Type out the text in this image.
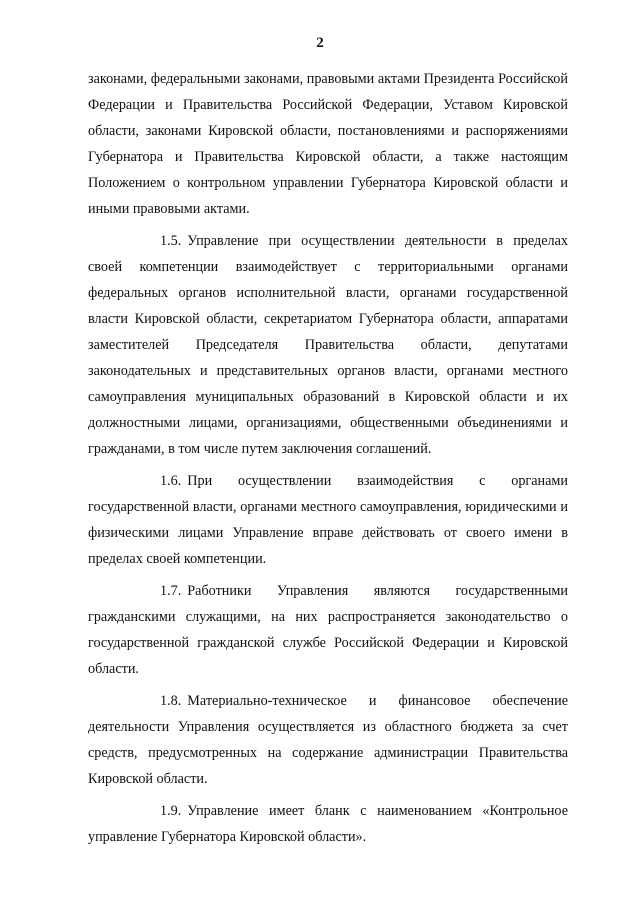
2

законами, федеральными законами, правовыми актами Президента Российской Федерации и Правительства Российской Федерации, Уставом Кировской области, законами Кировской области, постановлениями и распоряжениями Губернатора и Правительства Кировской области, а также настоящим Положением о контрольном управлении Губернатора Кировской области и иными правовыми актами.

1.5. Управление при осуществлении деятельности в пределах своей компетенции взаимодействует с территориальными органами федеральных органов исполнительной власти, органами государственной власти Кировской области, секретариатом Губернатора области, аппаратами заместителей Председателя Правительства области, депутатами законодательных и представительных органов власти, органами местного самоуправления муниципальных образований в Кировской области и их должностными лицами, организациями, общественными объединениями и гражданами, в том числе путем заключения соглашений.

1.6. При осуществлении взаимодействия с органами государственной власти, органами местного самоуправления, юридическими и физическими лицами Управление вправе действовать от своего имени в пределах своей компетенции.

1.7. Работники Управления являются государственными гражданскими служащими, на них распространяется законодательство о государственной гражданской службе Российской Федерации и Кировской области.

1.8. Материально-техническое и финансовое обеспечение деятельности Управления осуществляется из областного бюджета за счет средств, предусмотренных на содержание администрации Правительства Кировской области.

1.9. Управление имеет бланк с наименованием «Контрольное управление Губернатора Кировской области».
